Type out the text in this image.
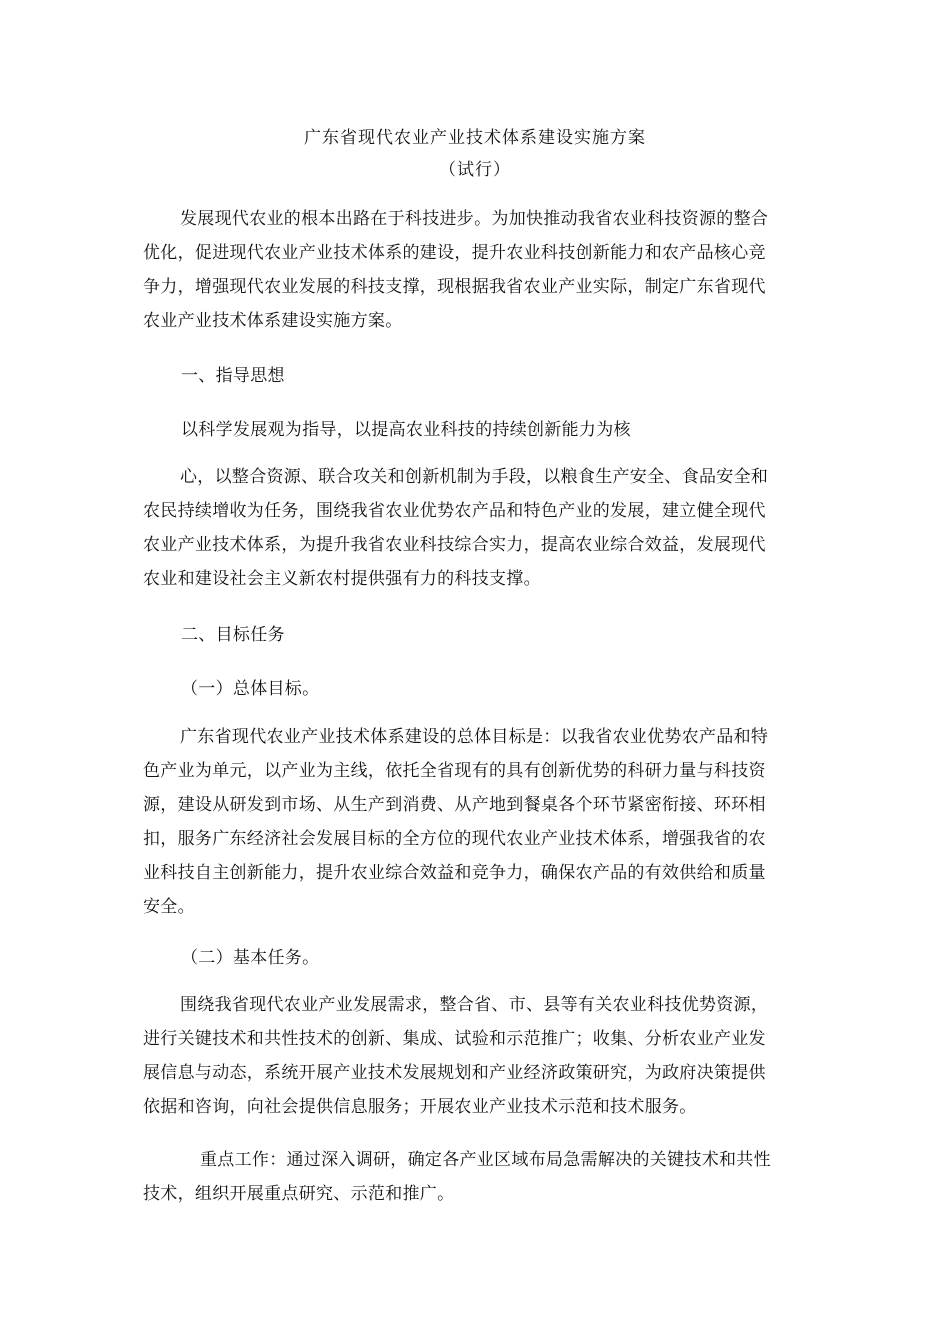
广东省现代农业产业技术体系建设实施方案
（试行）
发展现代农业的根本出路在于科技进步。为加快推动我省农业科技资源的整合
优化，促进现代农业产业技术体系的建设，提升农业科技创新能力和农产品核心竞
争力，增强现代农业发展的科技支撑，现根据我省农业产业实际，制定广东省现代
农业产业技术体系建设实施方案。
一、指导思想
以科学发展观为指导，以提高农业科技的持续创新能力为核
心，以整合资源、联合攻关和创新机制为手段，以粮食生产安全、食品安全和
农民持续增收为任务，围绕我省农业优势农产品和特色产业的发展，建立健全现代
农业产业技术体系，为提升我省农业科技综合实力，提高农业综合效益，发展现代
农业和建设社会主义新农村提供强有力的科技支撑。
二、目标任务
（一）总体目标。
广东省现代农业产业技术体系建设的总体目标是：以我省农业优势农产品和特
色产业为单元，以产业为主线，依托全省现有的具有创新优势的科研力量与科技资
源，建设从研发到市场、从生产到消费、从产地到餐桌各个环节紧密衔接、环环相
扣，服务广东经济社会发展目标的全方位的现代农业产业技术体系，增强我省的农
业科技自主创新能力，提升农业综合效益和竞争力，确保农产品的有效供给和质量
安全。
（二）基本任务。
围绕我省现代农业产业发展需求，整合省、市、县等有关农业科技优势资源，
进行关键技术和共性技术的创新、集成、试验和示范推广；收集、分析农业产业发
展信息与动态，系统开展产业技术发展规划和产业经济政策研究，为政府决策提供
依据和咨询，向社会提供信息服务；开展农业产业技术示范和技术服务。
重点工作：通过深入调研，确定各产业区域布局急需解决的关键技术和共性
技术，组织开展重点研究、示范和推广。
